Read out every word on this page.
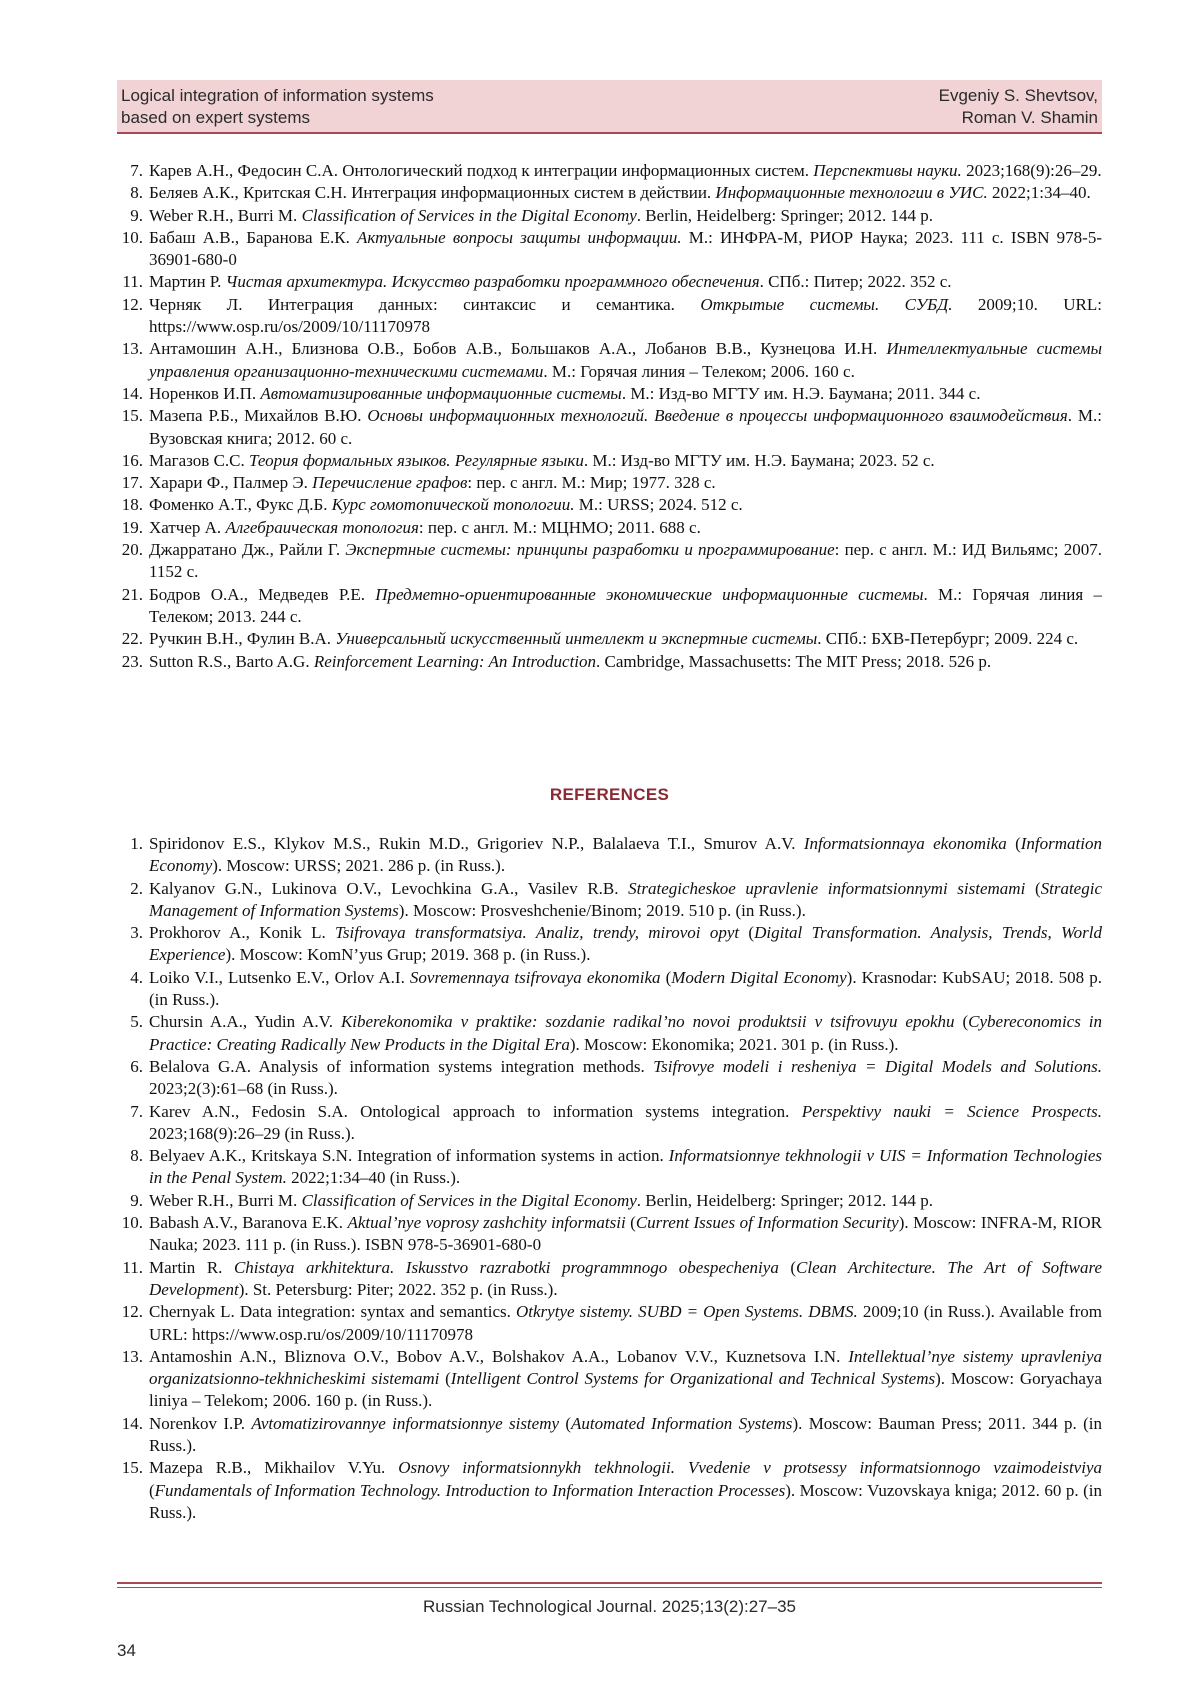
Logical integration of information systems
based on expert systems
Evgeniy S. Shevtsov,
Roman V. Shamin
7. Карев А.Н., Федосин С.А. Онтологический подход к интеграции информационных систем. Перспективы науки. 2023;168(9):26–29.
8. Беляев А.К., Критская С.Н. Интеграция информационных систем в действии. Информационные технологии в УИС. 2022;1:34–40.
9. Weber R.H., Burri M. Classification of Services in the Digital Economy. Berlin, Heidelberg: Springer; 2012. 144 p.
10. Бабаш А.В., Баранова Е.К. Актуальные вопросы защиты информации. М.: ИНФРА-М, РИОР Наука; 2023. 111 с. ISBN 978-5-36901-680-0
11. Мартин Р. Чистая архитектура. Искусство разработки программного обеспечения. СПб.: Питер; 2022. 352 с.
12. Черняк Л. Интеграция данных: синтаксис и семантика. Открытые системы. СУБД. 2009;10. URL: https://www.osp.ru/os/2009/10/11170978
13. Антамошин А.Н., Близнова О.В., Бобов А.В., Большаков А.А., Лобанов В.В., Кузнецова И.Н. Интеллектуальные системы управления организационно-техническими системами. М.: Горячая линия – Телеком; 2006. 160 с.
14. Норенков И.П. Автоматизированные информационные системы. М.: Изд-во МГТУ им. Н.Э. Баумана; 2011. 344 с.
15. Мазепа Р.Б., Михайлов В.Ю. Основы информационных технологий. Введение в процессы информационного взаимодействия. М.: Вузовская книга; 2012. 60 с.
16. Магазов С.С. Теория формальных языков. Регулярные языки. М.: Изд-во МГТУ им. Н.Э. Баумана; 2023. 52 с.
17. Харари Ф., Палмер Э. Перечисление графов: пер. с англ. М.: Мир; 1977. 328 с.
18. Фоменко А.Т., Фукс Д.Б. Курс гомотопической топологии. М.: URSS; 2024. 512 с.
19. Хатчер А. Алгебраическая топология: пер. с англ. М.: МЦНМО; 2011. 688 с.
20. Джарратано Дж., Райли Г. Экспертные системы: принципы разработки и программирование: пер. с англ. М.: ИД Вильямс; 2007. 1152 с.
21. Бодров О.А., Медведев Р.Е. Предметно-ориентированные экономические информационные системы. М.: Горячая линия – Телеком; 2013. 244 с.
22. Ручкин В.Н., Фулин В.А. Универсальный искусственный интеллект и экспертные системы. СПб.: БХВ-Петербург; 2009. 224 с.
23. Sutton R.S., Barto A.G. Reinforcement Learning: An Introduction. Cambridge, Massachusetts: The MIT Press; 2018. 526 p.
REFERENCES
1. Spiridonov E.S., Klykov M.S., Rukin M.D., Grigoriev N.P., Balalaeva T.I., Smurov A.V. Informatsionnaya ekonomika (Information Economy). Moscow: URSS; 2021. 286 p. (in Russ.).
2. Kalyanov G.N., Lukinova O.V., Levochkina G.A., Vasilev R.B. Strategicheskoe upravlenie informatsionnymi sistemami (Strategic Management of Information Systems). Moscow: Prosveshchenie/Binom; 2019. 510 p. (in Russ.).
3. Prokhorov A., Konik L. Tsifrovaya transformatsiya. Analiz, trendy, mirovoi opyt (Digital Transformation. Analysis, Trends, World Experience). Moscow: KomN’yus Grup; 2019. 368 p. (in Russ.).
4. Loiko V.I., Lutsenko E.V., Orlov A.I. Sovremennaya tsifrovaya ekonomika (Modern Digital Economy). Krasnodar: KubSAU; 2018. 508 p. (in Russ.).
5. Chursin A.A., Yudin A.V. Kiberekonomika v praktike: sozdanie radikal’no novoi produktsii v tsifrovuyu epokhu (Cybereconomics in Practice: Creating Radically New Products in the Digital Era). Moscow: Ekonomika; 2021. 301 p. (in Russ.).
6. Belalova G.A. Analysis of information systems integration methods. Tsifrovye modeli i resheniya = Digital Models and Solutions. 2023;2(3):61–68 (in Russ.).
7. Karev A.N., Fedosin S.A. Ontological approach to information systems integration. Perspektivy nauki = Science Prospects. 2023;168(9):26–29 (in Russ.).
8. Belyaev A.K., Kritskaya S.N. Integration of information systems in action. Informatsionnye tekhnologii v UIS = Information Technologies in the Penal System. 2022;1:34–40 (in Russ.).
9. Weber R.H., Burri M. Classification of Services in the Digital Economy. Berlin, Heidelberg: Springer; 2012. 144 p.
10. Babash A.V., Baranova E.K. Aktual’nye voprosy zashchity informatsii (Current Issues of Information Security). Moscow: INFRA-M, RIOR Nauka; 2023. 111 p. (in Russ.). ISBN 978-5-36901-680-0
11. Martin R. Chistaya arkhitektura. Iskusstvo razrabotki programmnogo obespecheniya (Clean Architecture. The Art of Software Development). St. Petersburg: Piter; 2022. 352 p. (in Russ.).
12. Chernyak L. Data integration: syntax and semantics. Otkrytye sistemy. SUBD = Open Systems. DBMS. 2009;10 (in Russ.). Available from URL: https://www.osp.ru/os/2009/10/11170978
13. Antamoshin A.N., Bliznova O.V., Bobov A.V., Bolshakov A.A., Lobanov V.V., Kuznetsova I.N. Intellektual’nye sistemy upravleniya organizatsionno-tekhnicheskimi sistemami (Intelligent Control Systems for Organizational and Technical Systems). Moscow: Goryachaya liniya – Telekom; 2006. 160 p. (in Russ.).
14. Norenkov I.P. Avtomatizirovannye informatsionnye sistemy (Automated Information Systems). Moscow: Bauman Press; 2011. 344 p. (in Russ.).
15. Mazepa R.B., Mikhailov V.Yu. Osnovy informatsionnykh tekhnologii. Vvedenie v protsessy informatsionnogo vzaimodeistviya (Fundamentals of Information Technology. Introduction to Information Interaction Processes). Moscow: Vuzovskaya kniga; 2012. 60 p. (in Russ.).
Russian Technological Journal. 2025;13(2):27–35
34
